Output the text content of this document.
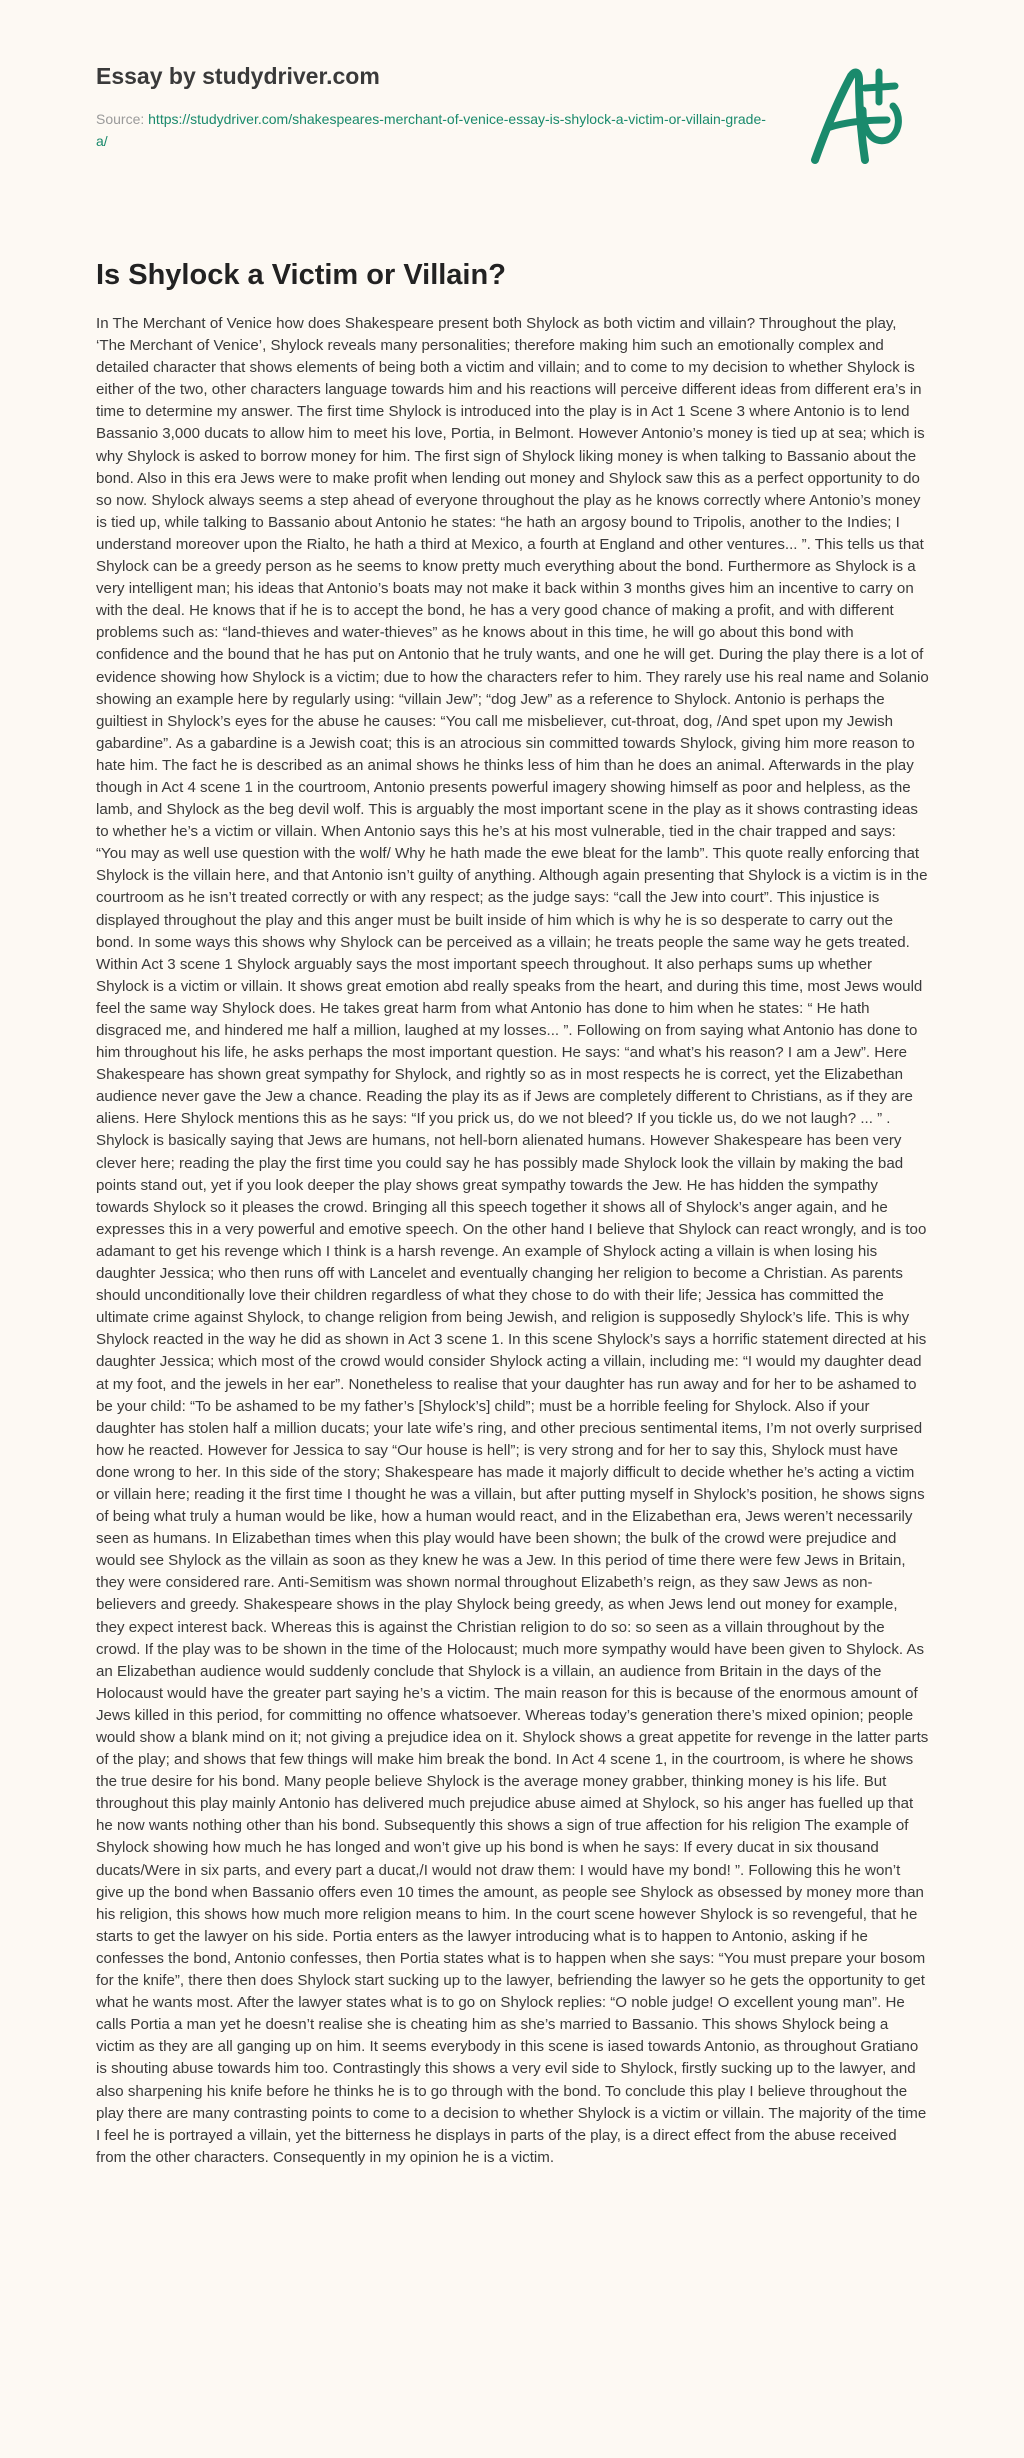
Essay by studydriver.com

Source: https://studydriver.com/shakespeares-merchant-of-venice-essay-is-shylock-a-victim-or-villain-grade-a/

Is Shylock a Victim or Villain?

In The Merchant of Venice how does Shakespeare present both Shylock as both victim and villain? Throughout the play, ‘The Merchant of Venice’, Shylock reveals many personalities; therefore making him such an emotionally complex and detailed character that shows elements of being both a victim and villain; and to come to my decision to whether Shylock is either of the two, other characters language towards him and his reactions will perceive different ideas from different era’s in time to determine my answer. The first time Shylock is introduced into the play is in Act 1 Scene 3 where Antonio is to lend Bassanio 3,000 ducats to allow him to meet his love, Portia, in Belmont. However Antonio’s money is tied up at sea; which is why Shylock is asked to borrow money for him. The first sign of Shylock liking money is when talking to Bassanio about the bond. Also in this era Jews were to make profit when lending out money and Shylock saw this as a perfect opportunity to do so now. Shylock always seems a step ahead of everyone throughout the play as he knows correctly where Antonio’s money is tied up, while talking to Bassanio about Antonio he states: “he hath an argosy bound to Tripolis, another to the Indies; I understand moreover upon the Rialto, he hath a third at Mexico, a fourth at England and other ventures... ”. This tells us that Shylock can be a greedy person as he seems to know pretty much everything about the bond. Furthermore as Shylock is a very intelligent man; his ideas that Antonio’s boats may not make it back within 3 months gives him an incentive to carry on with the deal. He knows that if he is to accept the bond, he has a very good chance of making a profit, and with different problems such as: “land-thieves and water-thieves” as he knows about in this time, he will go about this bond with confidence and the bound that he has put on Antonio that he truly wants, and one he will get. During the play there is a lot of evidence showing how Shylock is a victim; due to how the characters refer to him. They rarely use his real name and Solanio showing an example here by regularly using: “villain Jew”; “dog Jew” as a reference to Shylock. Antonio is perhaps the guiltiest in Shylock’s eyes for the abuse he causes: “You call me misbeliever, cut-throat, dog, /And spet upon my Jewish gabardine”. As a gabardine is a Jewish coat; this is an atrocious sin committed towards Shylock, giving him more reason to hate him. The fact he is described as an animal shows he thinks less of him than he does an animal. Afterwards in the play though in Act 4 scene 1 in the courtroom, Antonio presents powerful imagery showing himself as poor and helpless, as the lamb, and Shylock as the beg devil wolf. This is arguably the most important scene in the play as it shows contrasting ideas to whether he’s a victim or villain. When Antonio says this he’s at his most vulnerable, tied in the chair trapped and says: “You may as well use question with the wolf/ Why he hath made the ewe bleat for the lamb”. This quote really enforcing that Shylock is the villain here, and that Antonio isn’t guilty of anything. Although again presenting that Shylock is a victim is in the courtroom as he isn’t treated correctly or with any respect; as the judge says: “call the Jew into court”. This injustice is displayed throughout the play and this anger must be built inside of him which is why he is so desperate to carry out the bond. In some ways this shows why Shylock can be perceived as a villain; he treats people the same way he gets treated. Within Act 3 scene 1 Shylock arguably says the most important speech throughout. It also perhaps sums up whether Shylock is a victim or villain. It shows great emotion abd really speaks from the heart, and during this time, most Jews would feel the same way Shylock does. He takes great harm from what Antonio has done to him when he states: “ He hath disgraced me, and hindered me half a million, laughed at my losses... ”. Following on from saying what Antonio has done to him throughout his life, he asks perhaps the most important question. He says: “and what’s his reason? I am a Jew”. Here Shakespeare has shown great sympathy for Shylock, and rightly so as in most respects he is correct, yet the Elizabethan audience never gave the Jew a chance. Reading the play its as if Jews are completely different to Christians, as if they are aliens. Here Shylock mentions this as he says: “If you prick us, do we not bleed? If you tickle us, do we not laugh? ... ” . Shylock is basically saying that Jews are humans, not hell-born alienated humans. However Shakespeare has been very clever here; reading the play the first time you could say he has possibly made Shylock look the villain by making the bad points stand out, yet if you look deeper the play shows great sympathy towards the Jew. He has hidden the sympathy towards Shylock so it pleases the crowd. Bringing all this speech together it shows all of Shylock’s anger again, and he expresses this in a very powerful and emotive speech. On the other hand I believe that Shylock can react wrongly, and is too adamant to get his revenge which I think is a harsh revenge. An example of Shylock acting a villain is when losing his daughter Jessica; who then runs off with Lancelet and eventually changing her religion to become a Christian. As parents should unconditionally love their children regardless of what they chose to do with their life; Jessica has committed the ultimate crime against Shylock, to change religion from being Jewish, and religion is supposedly Shylock’s life. This is why Shylock reacted in the way he did as shown in Act 3 scene 1. In this scene Shylock’s says a horrific statement directed at his daughter Jessica; which most of the crowd would consider Shylock acting a villain, including me: “I would my daughter dead at my foot, and the jewels in her ear”. Nonetheless to realise that your daughter has run away and for her to be ashamed to be your child: “To be ashamed to be my father’s [Shylock’s] child”; must be a horrible feeling for Shylock. Also if your daughter has stolen half a million ducats; your late wife’s ring, and other precious sentimental items, I’m not overly surprised how he reacted. However for Jessica to say “Our house is hell”; is very strong and for her to say this, Shylock must have done wrong to her. In this side of the story; Shakespeare has made it majorly difficult to decide whether he’s acting a victim or villain here; reading it the first time I thought he was a villain, but after putting myself in Shylock’s position, he shows signs of being what truly a human would be like, how a human would react, and in the Elizabethan era, Jews weren’t necessarily seen as humans. In Elizabethan times when this play would have been shown; the bulk of the crowd were prejudice and would see Shylock as the villain as soon as they knew he was a Jew. In this period of time there were few Jews in Britain, they were considered rare. Anti-Semitism was shown normal throughout Elizabeth’s reign, as they saw Jews as non-believers and greedy. Shakespeare shows in the play Shylock being greedy, as when Jews lend out money for example, they expect interest back. Whereas this is against the Christian religion to do so: so seen as a villain throughout by the crowd. If the play was to be shown in the time of the Holocaust; much more sympathy would have been given to Shylock. As an Elizabethan audience would suddenly conclude that Shylock is a villain, an audience from Britain in the days of the Holocaust would have the greater part saying he’s a victim. The main reason for this is because of the enormous amount of Jews killed in this period, for committing no offence whatsoever. Whereas today’s generation there’s mixed opinion; people would show a blank mind on it; not giving a prejudice idea on it. Shylock shows a great appetite for revenge in the latter parts of the play; and shows that few things will make him break the bond. In Act 4 scene 1, in the courtroom, is where he shows the true desire for his bond. Many people believe Shylock is the average money grabber, thinking money is his life. But throughout this play mainly Antonio has delivered much prejudice abuse aimed at Shylock, so his anger has fuelled up that he now wants nothing other than his bond. Subsequently this shows a sign of true affection for his religion The example of Shylock showing how much he has longed and won’t give up his bond is when he says: If every ducat in six thousand ducats/Were in six parts, and every part a ducat,/I would not draw them: I would have my bond! ”. Following this he won’t give up the bond when Bassanio offers even 10 times the amount, as people see Shylock as obsessed by money more than his religion, this shows how much more religion means to him. In the court scene however Shylock is so revengeful, that he starts to get the lawyer on his side. Portia enters as the lawyer introducing what is to happen to Antonio, asking if he confesses the bond, Antonio confesses, then Portia states what is to happen when she says: “You must prepare your bosom for the knife”, there then does Shylock start sucking up to the lawyer, befriending the lawyer so he gets the opportunity to get what he wants most. After the lawyer states what is to go on Shylock replies: “O noble judge! O excellent young man”. He calls Portia a man yet he doesn’t realise she is cheating him as she’s married to Bassanio. This shows Shylock being a victim as they are all ganging up on him. It seems everybody in this scene is iased towards Antonio, as throughout Gratiano is shouting abuse towards him too. Contrastingly this shows a very evil side to Shylock, firstly sucking up to the lawyer, and also sharpening his knife before he thinks he is to go through with the bond. To conclude this play I believe throughout the play there are many contrasting points to come to a decision to whether Shylock is a victim or villain. The majority of the time I feel he is portrayed a villain, yet the bitterness he displays in parts of the play, is a direct effect from the abuse received from the other characters. Consequently in my opinion he is a victim.
